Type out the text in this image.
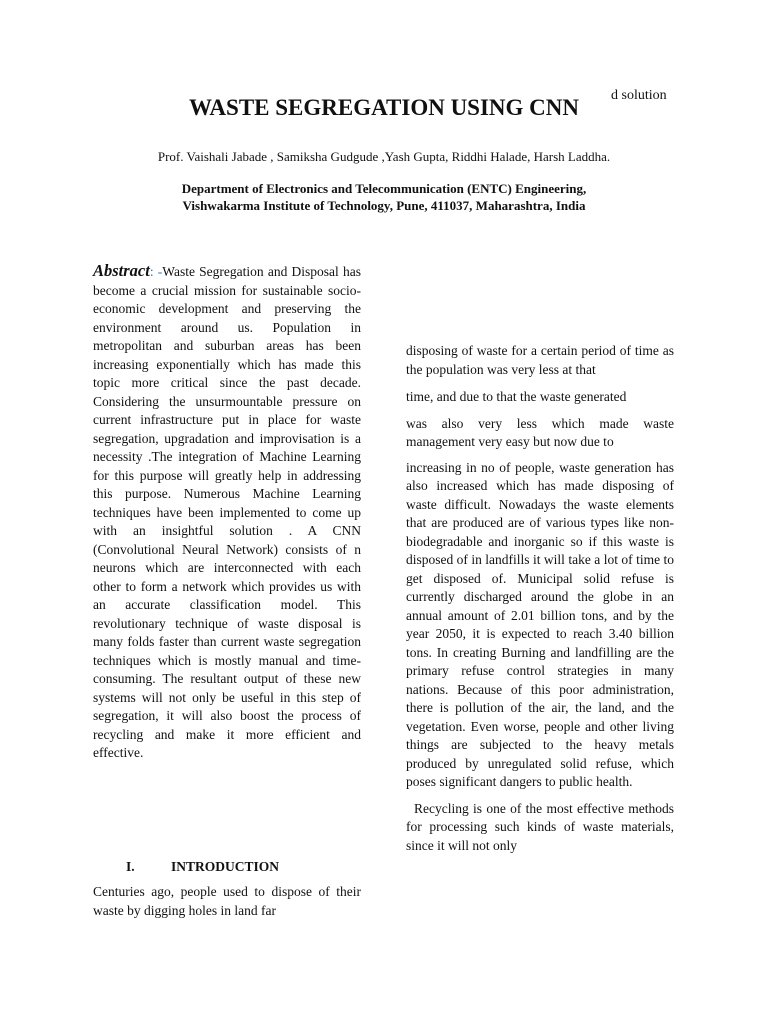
d solution
WASTE SEGREGATION USING CNN
Prof. Vaishali Jabade , Samiksha Gudgude ,Yash Gupta, Riddhi Halade, Harsh Laddha.
Department of Electronics and Telecommunication (ENTC) Engineering,
Vishwakarma Institute of Technology, Pune, 411037, Maharashtra, India

Abstract: -Waste Segregation and Disposal has become a crucial mission for sustainable socio-economic development and preserving the environment around us. Population in metropolitan and suburban areas has been increasing exponentially which has made this topic more critical since the past decade. Considering the unsurmountable pressure on current infrastructure put in place for waste segregation, upgradation and improvisation is a necessity .The integration of Machine Learning for this purpose will greatly help in addressing this purpose. Numerous Machine Learning techniques have been implemented to come up with an insightful solution . A CNN (Convolutional Neural Network) consists of n neurons which are interconnected with each other to form a network which provides us with an accurate classification model. This revolutionary technique of waste disposal is many folds faster than current waste segregation techniques which is mostly manual and time-consuming. The resultant output of these new systems will not only be useful in this step of segregation, it will also boost the process of recycling and make it more efficient and effective.

I.	INTRODUCTION

Centuries ago, people used to dispose of their waste by digging holes in land far

disposing of waste for a certain period of time as the population was very less at that

time, and due to that the waste generated

was also very less which made waste management very easy but now due to

increasing in no of people, waste generation has also increased which has made disposing of waste difficult. Nowadays the waste elements that are produced are of various types like non-biodegradable and inorganic so if this waste is disposed of in landfills it will take a lot of time to get disposed of. Municipal solid refuse is currently discharged around the globe in an annual amount of 2.01 billion tons, and by the year 2050, it is expected to reach 3.40 billion tons. In creating Burning and landfilling are the primary refuse control strategies in many nations. Because of this poor administration, there is pollution of the air, the land, and the vegetation. Even worse, people and other living things are subjected to the heavy metals produced by unregulated solid refuse, which poses significant dangers to public health.

Recycling is one of the most effective methods for processing such kinds of waste materials, since it will not only
